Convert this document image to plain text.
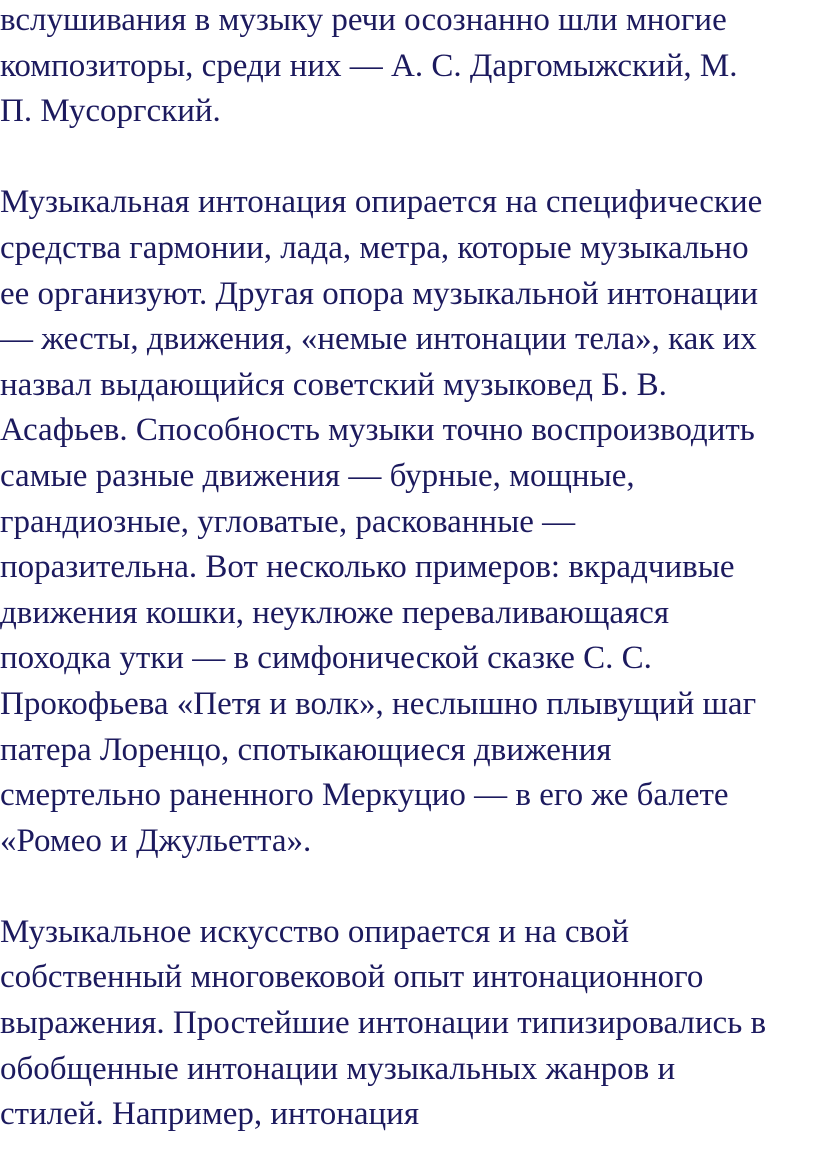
вслушивания в музыку речи осознанно шли многие
композиторы, среди них — А. С. Даргомыжский, М.
П. Мусоргский.
Музыкальная интонация опирается на специфические
средства гармонии, лада, метра, которые музыкально
ее организуют. Другая опора музыкальной интонации
— жесты, движения, «немые интонации тела», как их
назвал выдающийся советский музыковед Б. В.
Асафьев. Способность музыки точно воспроизводить
самые разные движения — бурные, мощные,
грандиозные, угловатые, раскованные —
поразительна. Вот несколько примеров: вкрадчивые
движения кошки, неуклюже переваливающаяся
походка утки — в симфонической сказке С. С.
Прокофьева «Петя и волк», неслышно плывущий шаг
патера Лоренцо, спотыкающиеся движения
смертельно раненного Меркуцио — в его же балете
«Ромео и Джульетта».
Музыкальное искусство опирается и на свой
собственный многовековой опыт интонационного
выражения. Простейшие интонации типизировались в
обобщенные интонации музыкальных жанров и
стилей. Например, интонация
